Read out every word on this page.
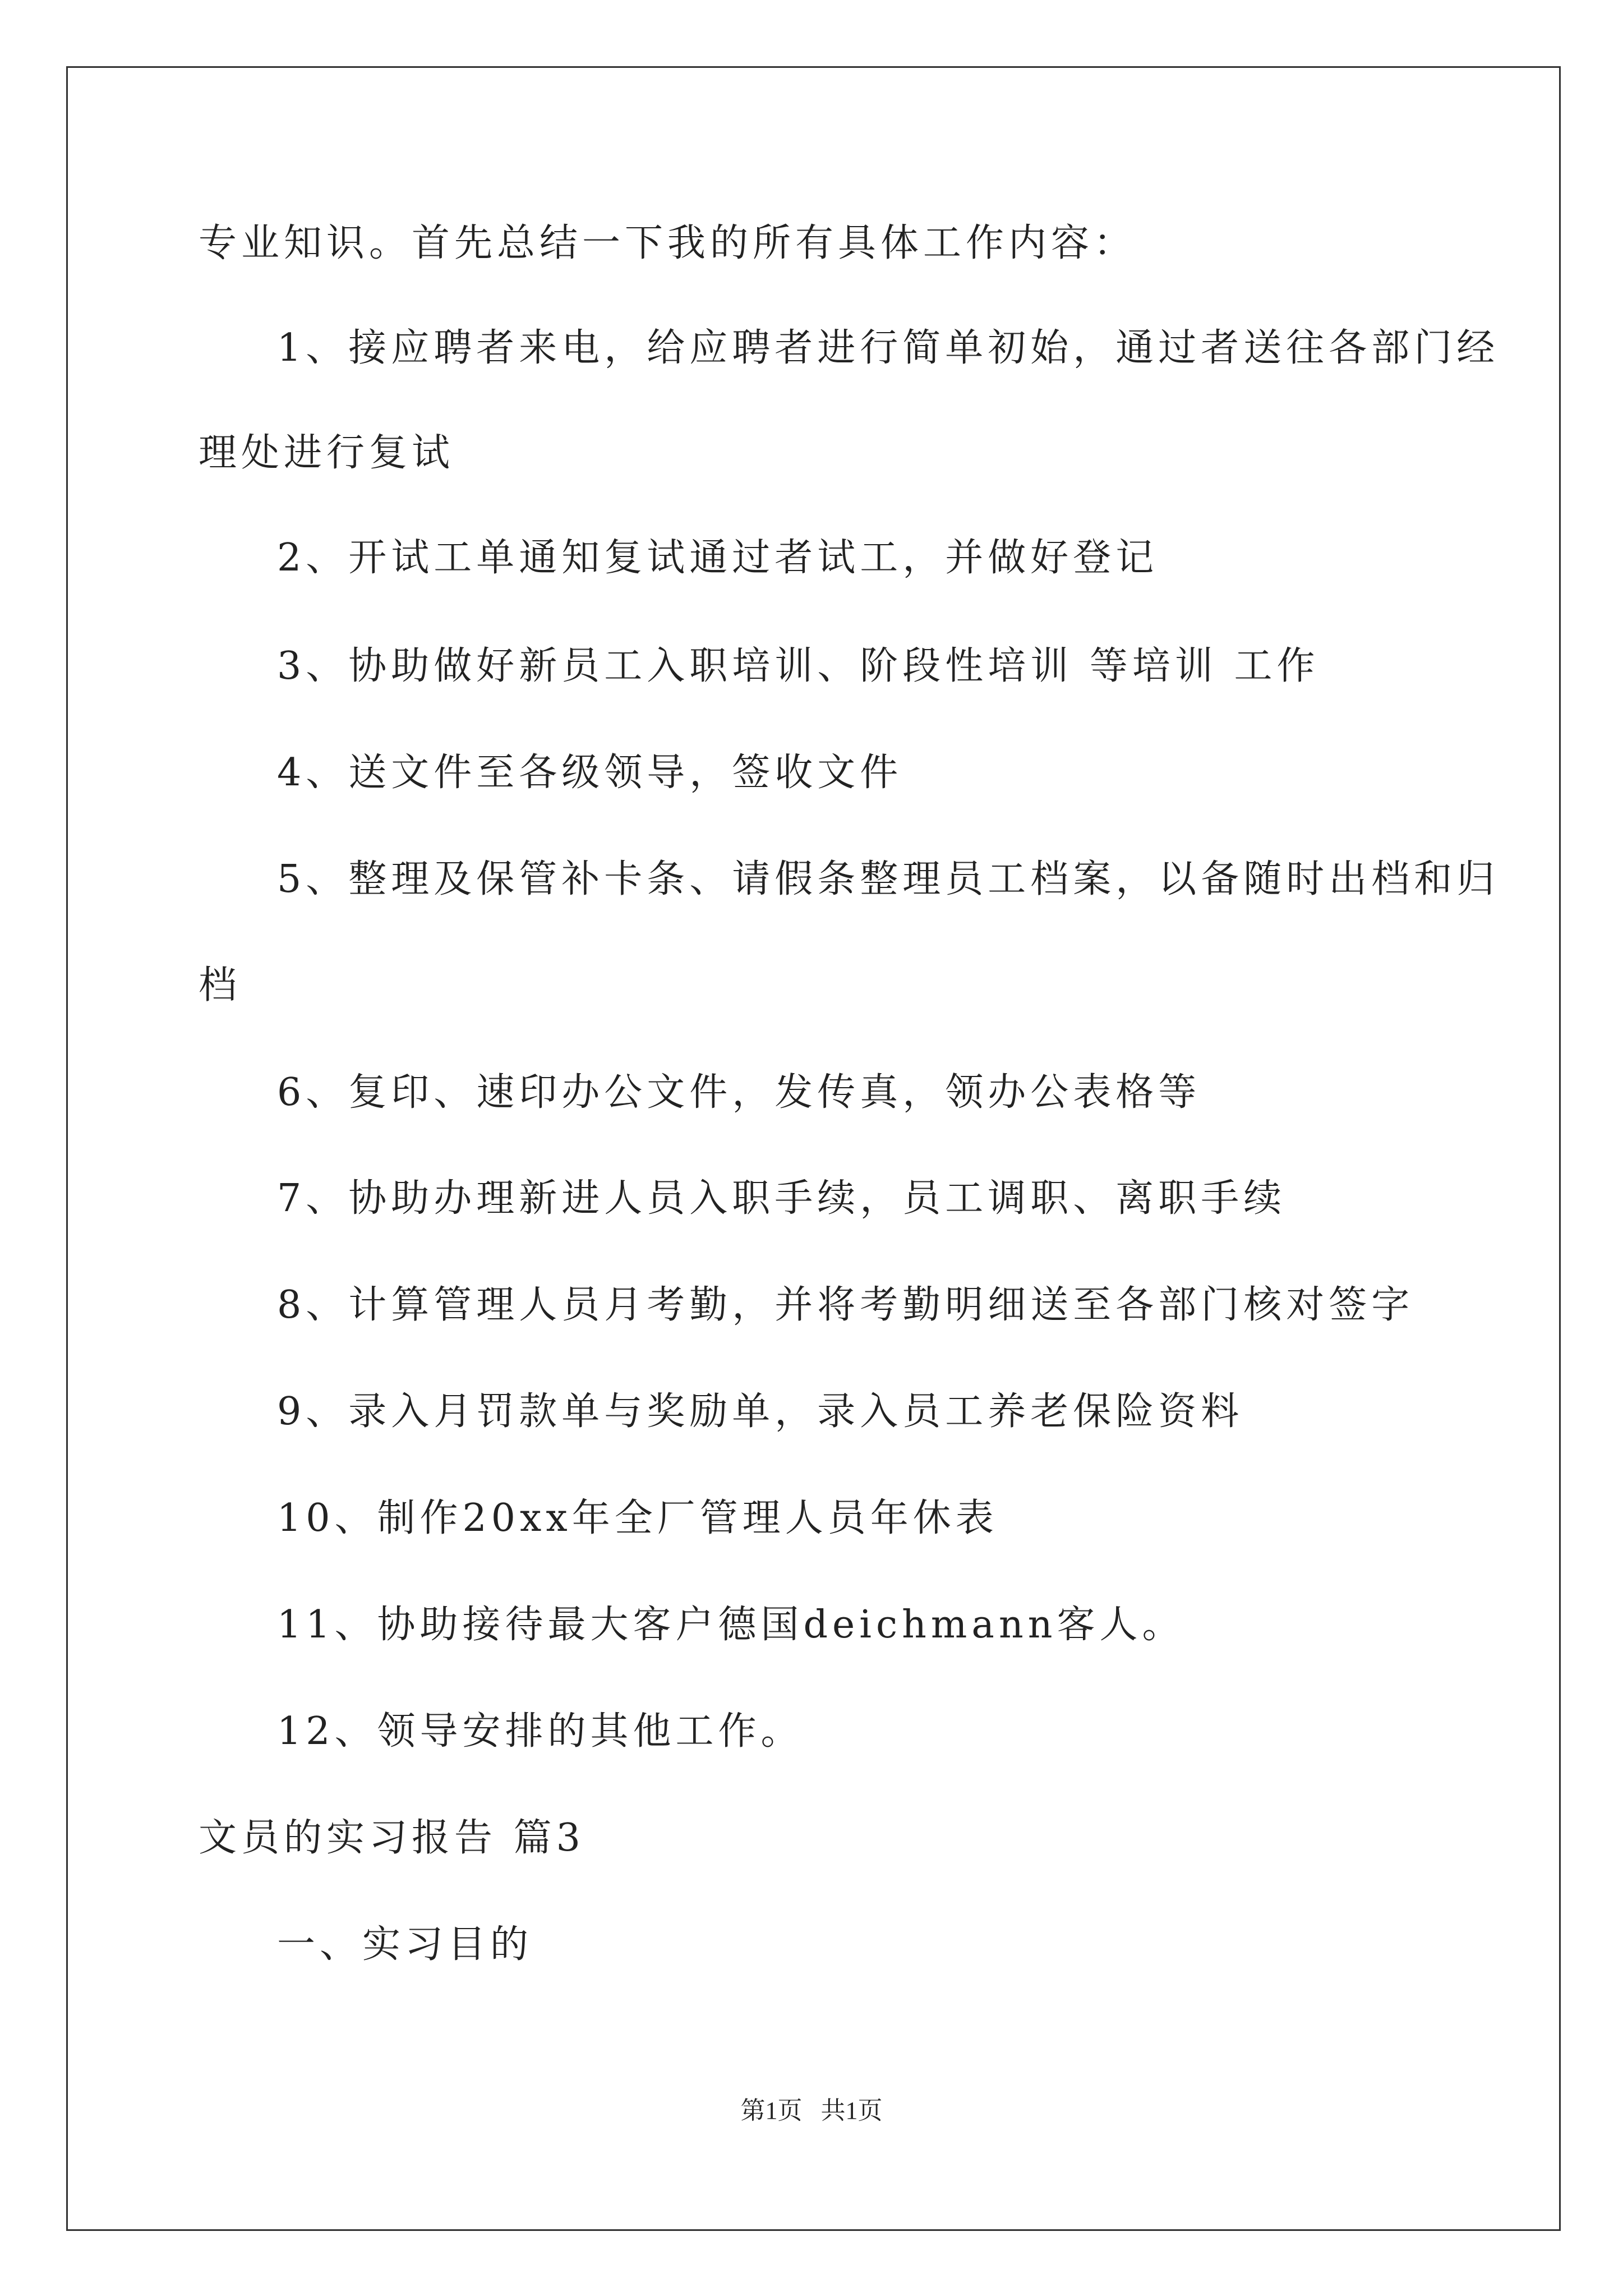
专业知识。首先总结一下我的所有具体工作内容：
1、接应聘者来电，给应聘者进行简单初始，通过者送往各部门经
理处进行复试
2、开试工单通知复试通过者试工，并做好登记
3、协助做好新员工入职培训、阶段性培训 等培训 工作
4、送文件至各级领导，签收文件
5、整理及保管补卡条、请假条整理员工档案，以备随时出档和归
档
6、复印、速印办公文件，发传真，领办公表格等
7、协助办理新进人员入职手续，员工调职、离职手续
8、计算管理人员月考勤，并将考勤明细送至各部门核对签字
9、录入月罚款单与奖励单，录入员工养老保险资料
10、制作20xx年全厂管理人员年休表
11、协助接待最大客户德国deichmann客人。
12、领导安排的其他工作。
文员的实习报告 篇3
一、实习目的
第1页   共1页
